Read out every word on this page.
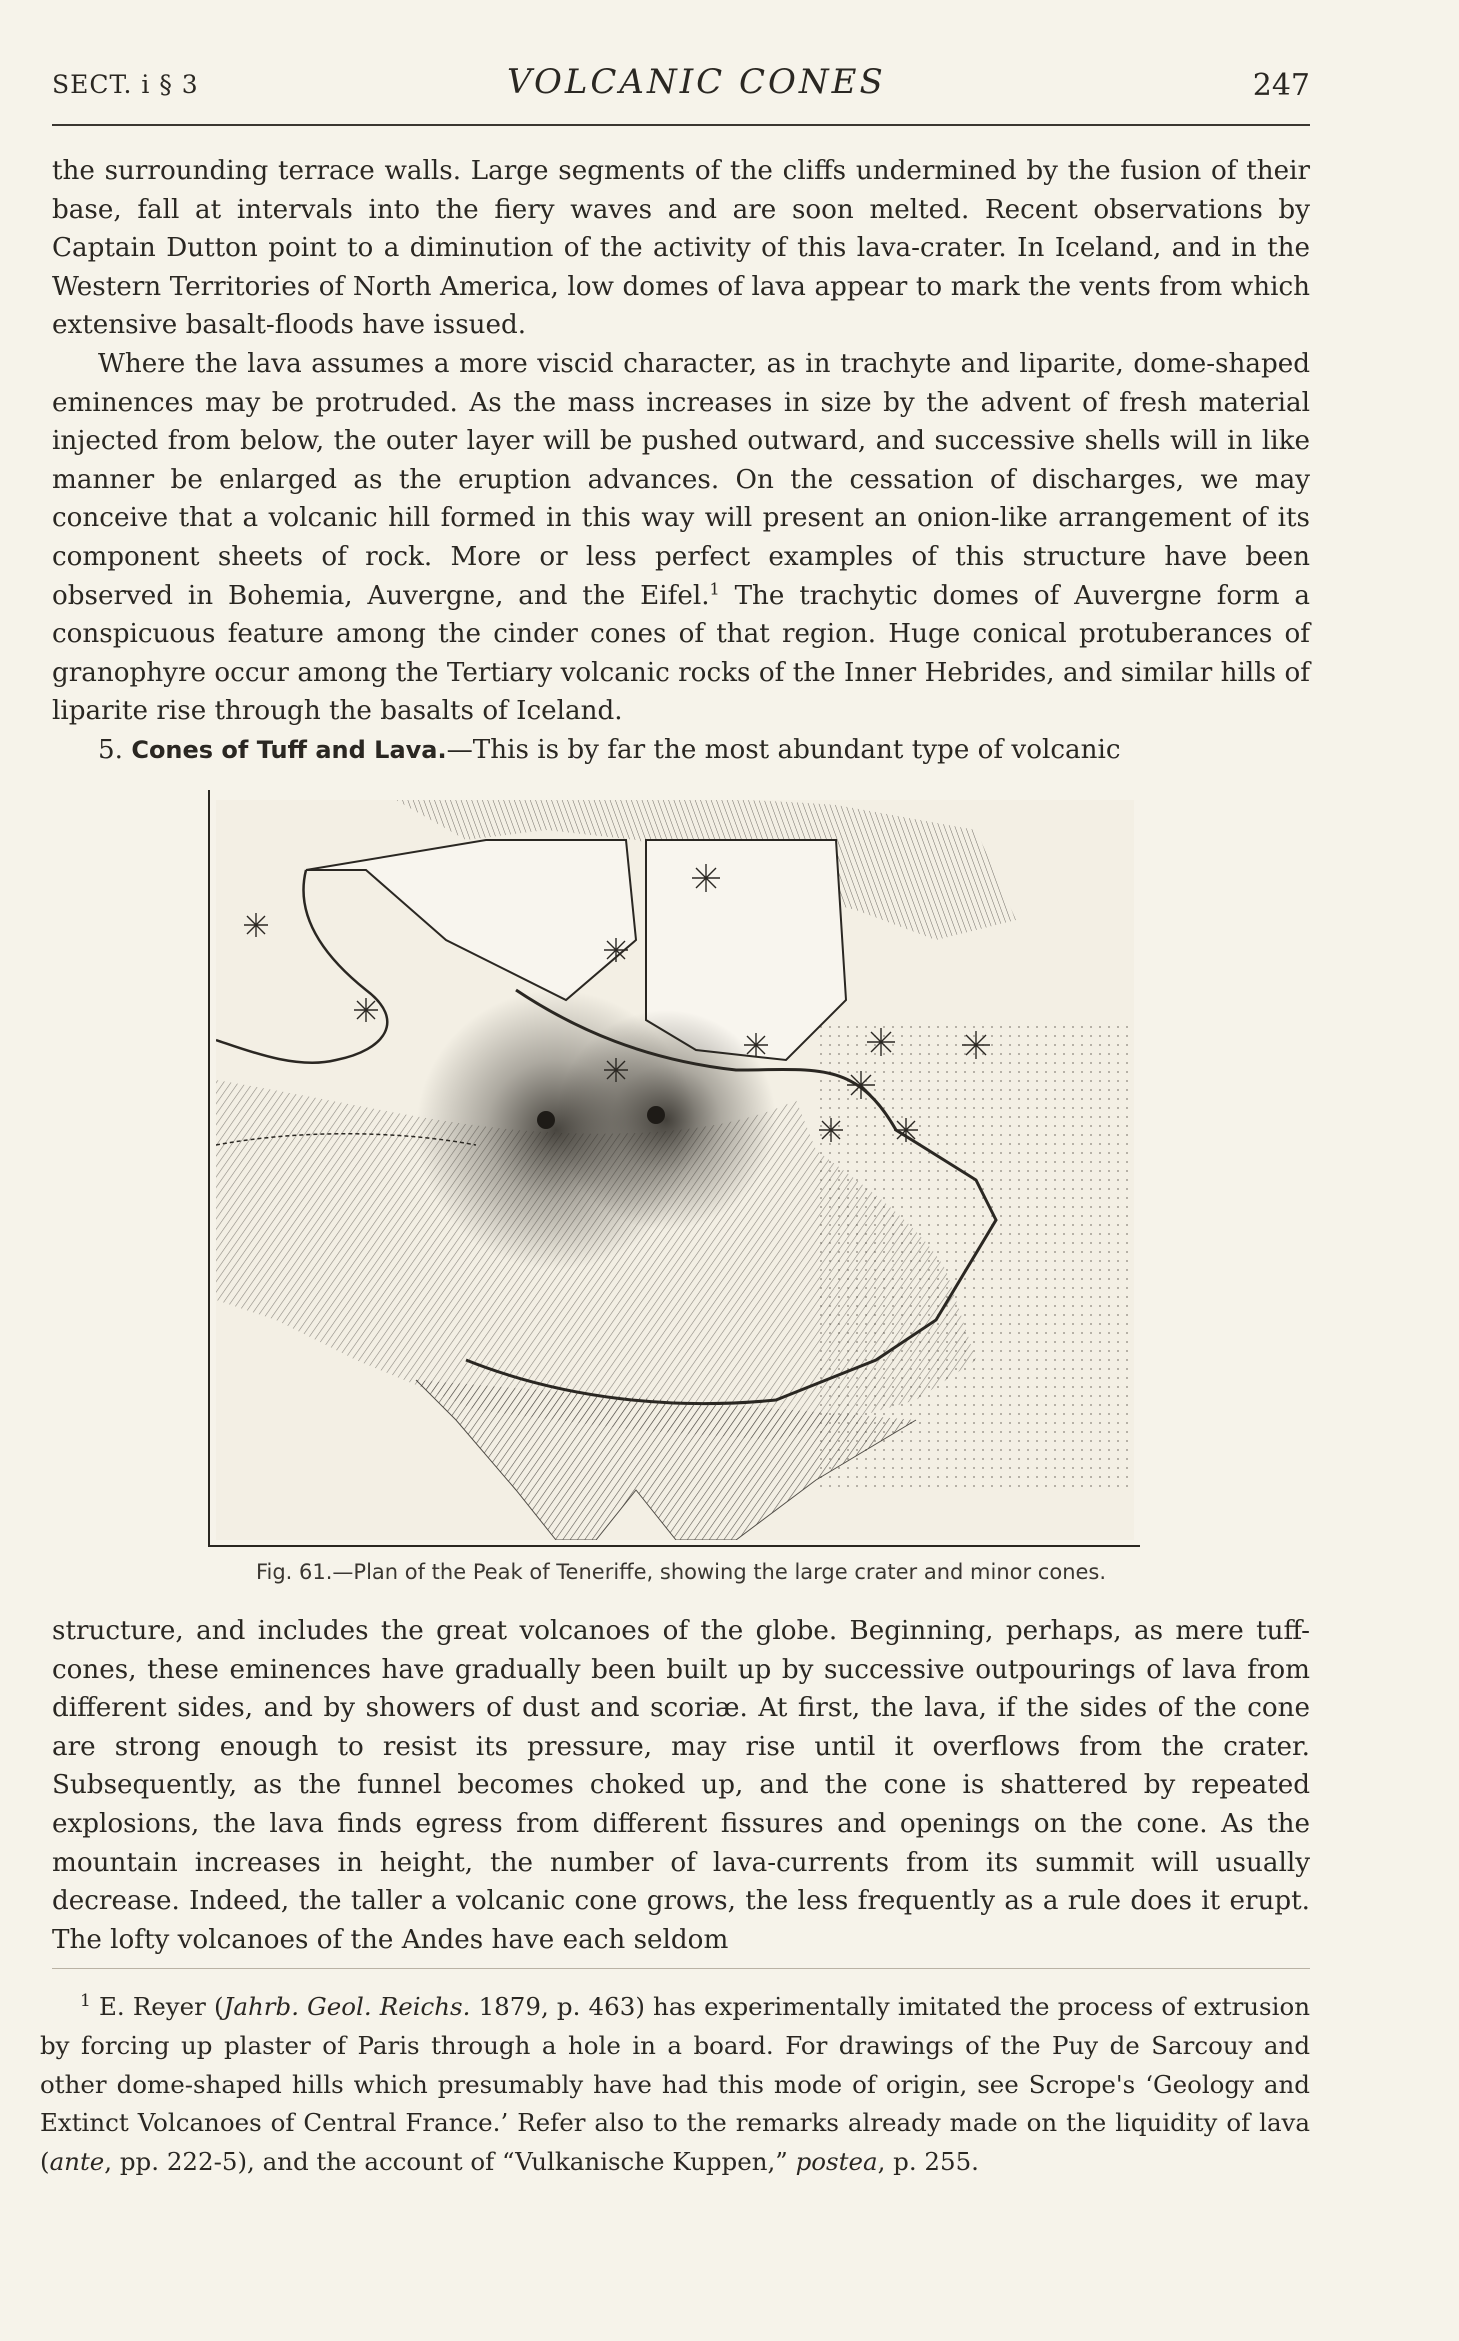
SECT. i § 3	VOLCANIC CONES	247

the surrounding terrace walls. Large segments of the cliffs undermined by the fusion of their base, fall at intervals into the fiery waves and are soon melted. Recent observations by Captain Dutton point to a diminution of the activity of this lava-crater. In Iceland, and in the Western Territories of North America, low domes of lava appear to mark the vents from which extensive basalt-floods have issued.

Where the lava assumes a more viscid character, as in trachyte and liparite, dome-shaped eminences may be protruded. As the mass increases in size by the advent of fresh material injected from below, the outer layer will be pushed outward, and successive shells will in like manner be enlarged as the eruption advances. On the cessation of discharges, we may conceive that a volcanic hill formed in this way will present an onion-like arrangement of its component sheets of rock. More or less perfect examples of this structure have been observed in Bohemia, Auvergne, and the Eifel.$^1$ The trachytic domes of Auvergne form a conspicuous feature among the cinder cones of that region. Huge conical protuberances of granophyre occur among the Tertiary volcanic rocks of the Inner Hebrides, and similar hills of liparite rise through the basalts of Iceland.

5. Cones of Tuff and Lava.—This is by far the most abundant type of volcanic

Fig. 61.—Plan of the Peak of Teneriffe, showing the large crater and minor cones.

structure, and includes the great volcanoes of the globe. Beginning, perhaps, as mere tuff-cones, these eminences have gradually been built up by successive outpourings of lava from different sides, and by showers of dust and scoriæ. At first, the lava, if the sides of the cone are strong enough to resist its pressure, may rise until it overflows from the crater. Subsequently, as the funnel becomes choked up, and the cone is shattered by repeated explosions, the lava finds egress from different fissures and openings on the cone. As the mountain increases in height, the number of lava-currents from its summit will usually decrease. Indeed, the taller a volcanic cone grows, the less frequently as a rule does it erupt. The lofty volcanoes of the Andes have each seldom

$^1$ E. Reyer (Jahrb. Geol. Reichs. 1879, p. 463) has experimentally imitated the process of extrusion by forcing up plaster of Paris through a hole in a board. For drawings of the Puy de Sarcouy and other dome-shaped hills which presumably have had this mode of origin, see Scrope's ‘Geology and Extinct Volcanoes of Central France.’ Refer also to the remarks already made on the liquidity of lava (ante, pp. 222-5), and the account of “Vulkanische Kuppen,” postea, p. 255.
